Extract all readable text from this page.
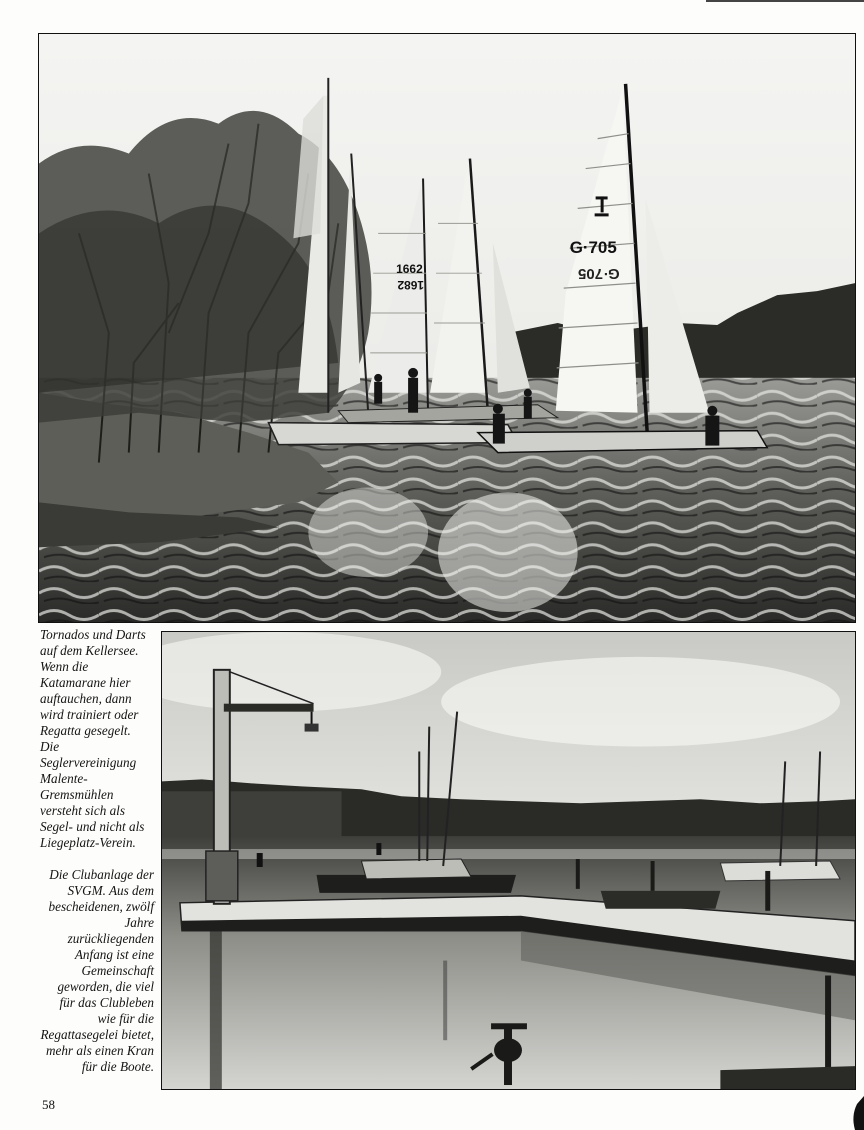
1662
1682
G·705
G·705

Tornados und Darts auf dem Kellersee. Wenn die Katamarane hier auftauchen, dann wird trainiert oder Regatta gesegelt. Die Seglervereinigung Malente-Gremsmühlen versteht sich als Segel- und nicht als Liegeplatz-Verein.

Die Clubanlage der SVGM. Aus dem bescheidenen, zwölf Jahre zurückliegenden Anfang ist eine Gemeinschaft geworden, die viel für das Clubleben wie für die Regattasegelei bietet, mehr als einen Kran für die Boote.

58
